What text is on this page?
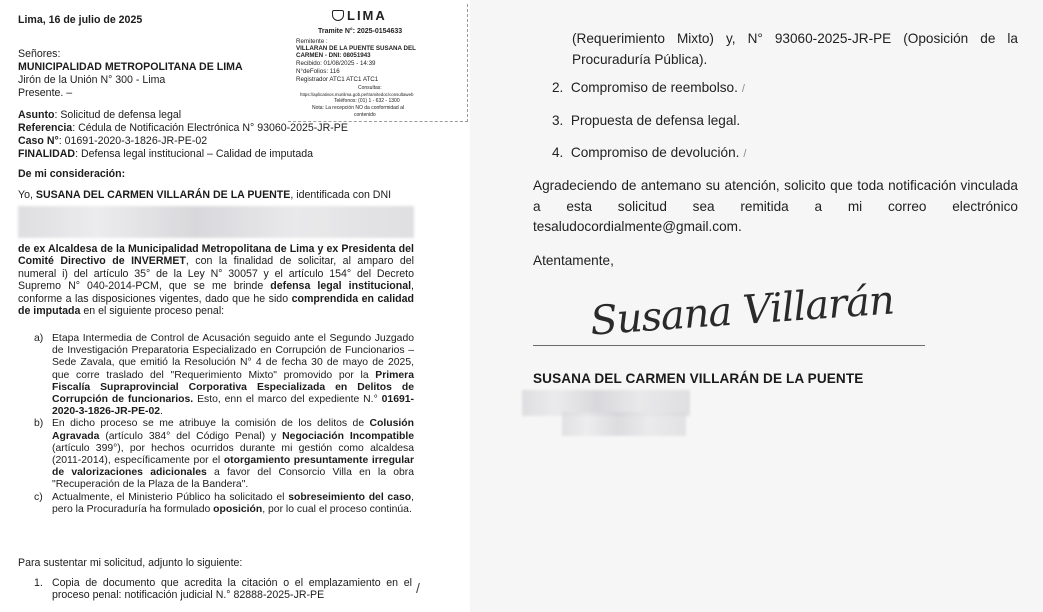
Lima, 16 de julio de 2025
Señores:
MUNICIPALIDAD METROPOLITANA DE LIMA
Jirón de la Unión N° 300 - Lima
Presente. –
Asunto: Solicitud de defensa legal
Referencia: Cédula de Notificación Electrónica N° 93060-2025-JR-PE
Caso N°: 01691-2020-3-1826-JR-PE-02
FINALIDAD: Defensa legal institucional – Calidad de imputada
De mi consideración:
Yo, SUSANA DEL CARMEN VILLARÁN DE LA PUENTE, identificada con DNI
de ex Alcaldesa de la Municipalidad Metropolitana de Lima y ex Presidenta del Comité Directivo de INVERMET, con la finalidad de solicitar, al amparo del numeral i) del artículo 35° de la Ley N° 30057 y el artículo 154° del Decreto Supremo N° 040-2014-PCM, que se me brinde defensa legal institucional, conforme a las disposiciones vigentes, dado que he sido comprendida en calidad de imputada en el siguiente proceso penal:
a) Etapa Intermedia de Control de Acusación seguido ante el Segundo Juzgado de Investigación Preparatoria Especializado en Corrupción de Funcionarios – Sede Zavala, que emitió la Resolución N° 4 de fecha 30 de mayo de 2025, que corre traslado del "Requerimiento Mixto" promovido por la Primera Fiscalía Supraprovincial Corporativa Especializada en Delitos de Corrupción de funcionarios. Esto, enn el marco del expediente N.° 01691-2020-3-1826-JR-PE-02.
b) En dicho proceso se me atribuye la comisión de los delitos de Colusión Agravada (artículo 384° del Código Penal) y Negociación Incompatible (artículo 399°), por hechos ocurridos durante mi gestión como alcaldesa (2011-2014), específicamente por el otorgamiento presuntamente irregular de valorizaciones adicionales a favor del Consorcio Villa en la obra "Recuperación de la Plaza de la Bandera".
c) Actualmente, el Ministerio Público ha solicitado el sobreseimiento del caso, pero la Procuraduría ha formulado oposición, por lo cual el proceso continúa.
Para sustentar mi solicitud, adjunto lo siguiente:
1. Copia de documento que acredita la citación o el emplazamiento en el proceso penal: notificación judicial N.° 82888-2025-JR-PE	/
LIMA
Tramite N°: 2025-0154633
Remitente :
VILLARAN DE LA PUENTE SUSANA DEL
CARMEN - DNI: 08051943
Recibido: 01/08/2025 - 14:39
N°deFolios: 116
Registrador ATC1 ATC1 ATC1
Consultas:
https://aplicativos.munlima.gob.pe/tramitedoc/consultaweb
Teléfonos: (01) 1 - 632 - 1300
Nota: La recepción NO da conformidad al
contenido
(Requerimiento Mixto) y, N° 93060-2025-JR-PE (Oposición de la Procuraduría Pública).
2. Compromiso de reembolso. /
3. Propuesta de defensa legal.
4. Compromiso de devolución. /
Agradeciendo de antemano su atención, solicito que toda notificación vinculada a esta solicitud sea remitida a mi correo electrónico tesaludocordialmente@gmail.com.
Atentamente,
Susana Villarán
SUSANA DEL CARMEN VILLARÁN DE LA PUENTE
